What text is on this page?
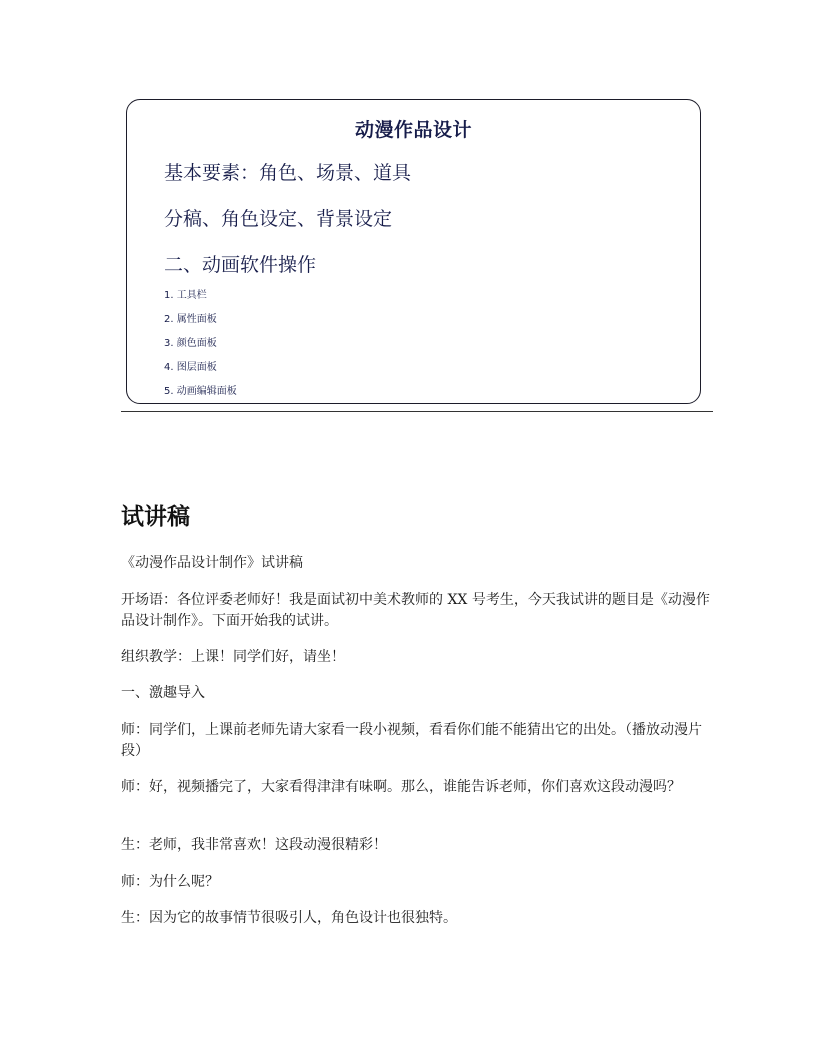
动漫作品设计
基本要素：角色、场景、道具
分稿、角色设定、背景设定
二、动画软件操作
1. 工具栏
2. 属性面板
3. 颜色面板
4. 图层面板
5. 动画编辑面板
试讲稿

《动漫作品设计制作》试讲稿

开场语：各位评委老师好！我是面试初中美术教师的 XX 号考生，今天我试讲的题目是《动漫作品设计制作》。下面开始我的试讲。

组织教学：上课！同学们好，请坐！

一、激趣导入

师：同学们，上课前老师先请大家看一段小视频，看看你们能不能猜出它的出处。（播放动漫片段）

师：好，视频播完了，大家看得津津有味啊。那么，谁能告诉老师，你们喜欢这段动漫吗？

生：老师，我非常喜欢！这段动漫很精彩！

师：为什么呢？

生：因为它的故事情节很吸引人，角色设计也很独特。
